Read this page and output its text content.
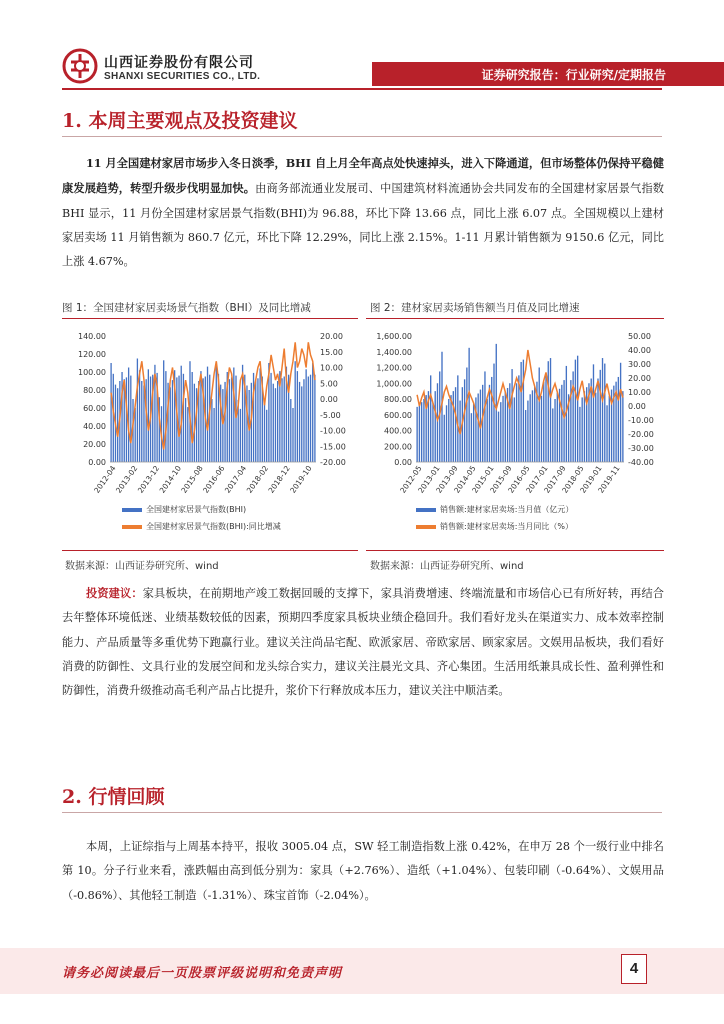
山西证券股份有限公司
SHANXI SECURITIES CO., LTD.	证券研究报告：行业研究/定期报告
1. 本周主要观点及投资建议
11 月全国建材家居市场步入冬日淡季，BHI 自上月全年高点处快速掉头，进入下降通道，但市场整体仍保持平稳健康发展趋势，转型升级步伐明显加快。由商务部流通业发展司、中国建筑材料流通协会共同发布的全国建材家居景气指数 BHI 显示，11 月份全国建材家居景气指数(BHI)为 96.88，环比下降 13.66 点，同比上涨 6.07 点。全国规模以上建材家居卖场 11 月销售额为 860.7 亿元，环比下降 12.29%，同比上涨 2.15%。1-11 月累计销售额为 9150.6 亿元，同比上涨 4.67%。
图 1：全国建材家居卖场景气指数（BHI）及同比增减
140.00
120.00
100.00
80.00
60.00
40.00
20.00
0.00
20.00
15.00
10.00
5.00
0.00
-5.00
-10.00
-15.00
-20.00
2012-04
2013-02
2013-12
2014-10
2015-08
2016-06
2017-04
2018-02
2018-12
2019-10
全国建材家居景气指数(BHI)
全国建材家居景气指数(BHI):同比增减
数据来源：山西证券研究所、wind
图 2：建材家居卖场销售额当月值及同比增速
1,600.00
1,400.00
1,200.00
1,000.00
800.00
600.00
400.00
200.00
0.00
50.00
40.00
30.00
20.00
10.00
0.00
-10.00
-20.00
-30.00
-40.00
2012-05
2013-01
2013-09
2014-05
2015-01
2015-09
2016-05
2017-01
2017-09
2018-05
2019-01
2019-11
销售额:建材家居卖场:当月值（亿元）
销售额:建材家居卖场:当月同比（%）
数据来源：山西证券研究所、wind
投资建议：家具板块，在前期地产竣工数据回暖的支撑下，家具消费增速、终端流量和市场信心已有所好转，再结合去年整体环境低迷、业绩基数较低的因素，预期四季度家具板块业绩企稳回升。我们看好龙头在渠道实力、成本效率控制能力、产品质量等多重优势下跑赢行业。建议关注尚品宅配、欧派家居、帝欧家居、顾家家居。文娱用品板块，我们看好消费的防御性、文具行业的发展空间和龙头综合实力，建议关注晨光文具、齐心集团。生活用纸兼具成长性、盈利弹性和防御性，消费升级推动高毛利产品占比提升，浆价下行释放成本压力，建议关注中顺洁柔。
2. 行情回顾
本周，上证综指与上周基本持平，报收 3005.04 点，SW 轻工制造指数上涨 0.42%，在申万 28 个一级行业中排名第 10。分子行业来看，涨跌幅由高到低分别为：家具（+2.76%）、造纸（+1.04%）、包装印刷（-0.64%）、文娱用品（-0.86%）、其他轻工制造（-1.31%）、珠宝首饰（-2.04%）。
请务必阅读最后一页股票评级说明和免责声明	4
